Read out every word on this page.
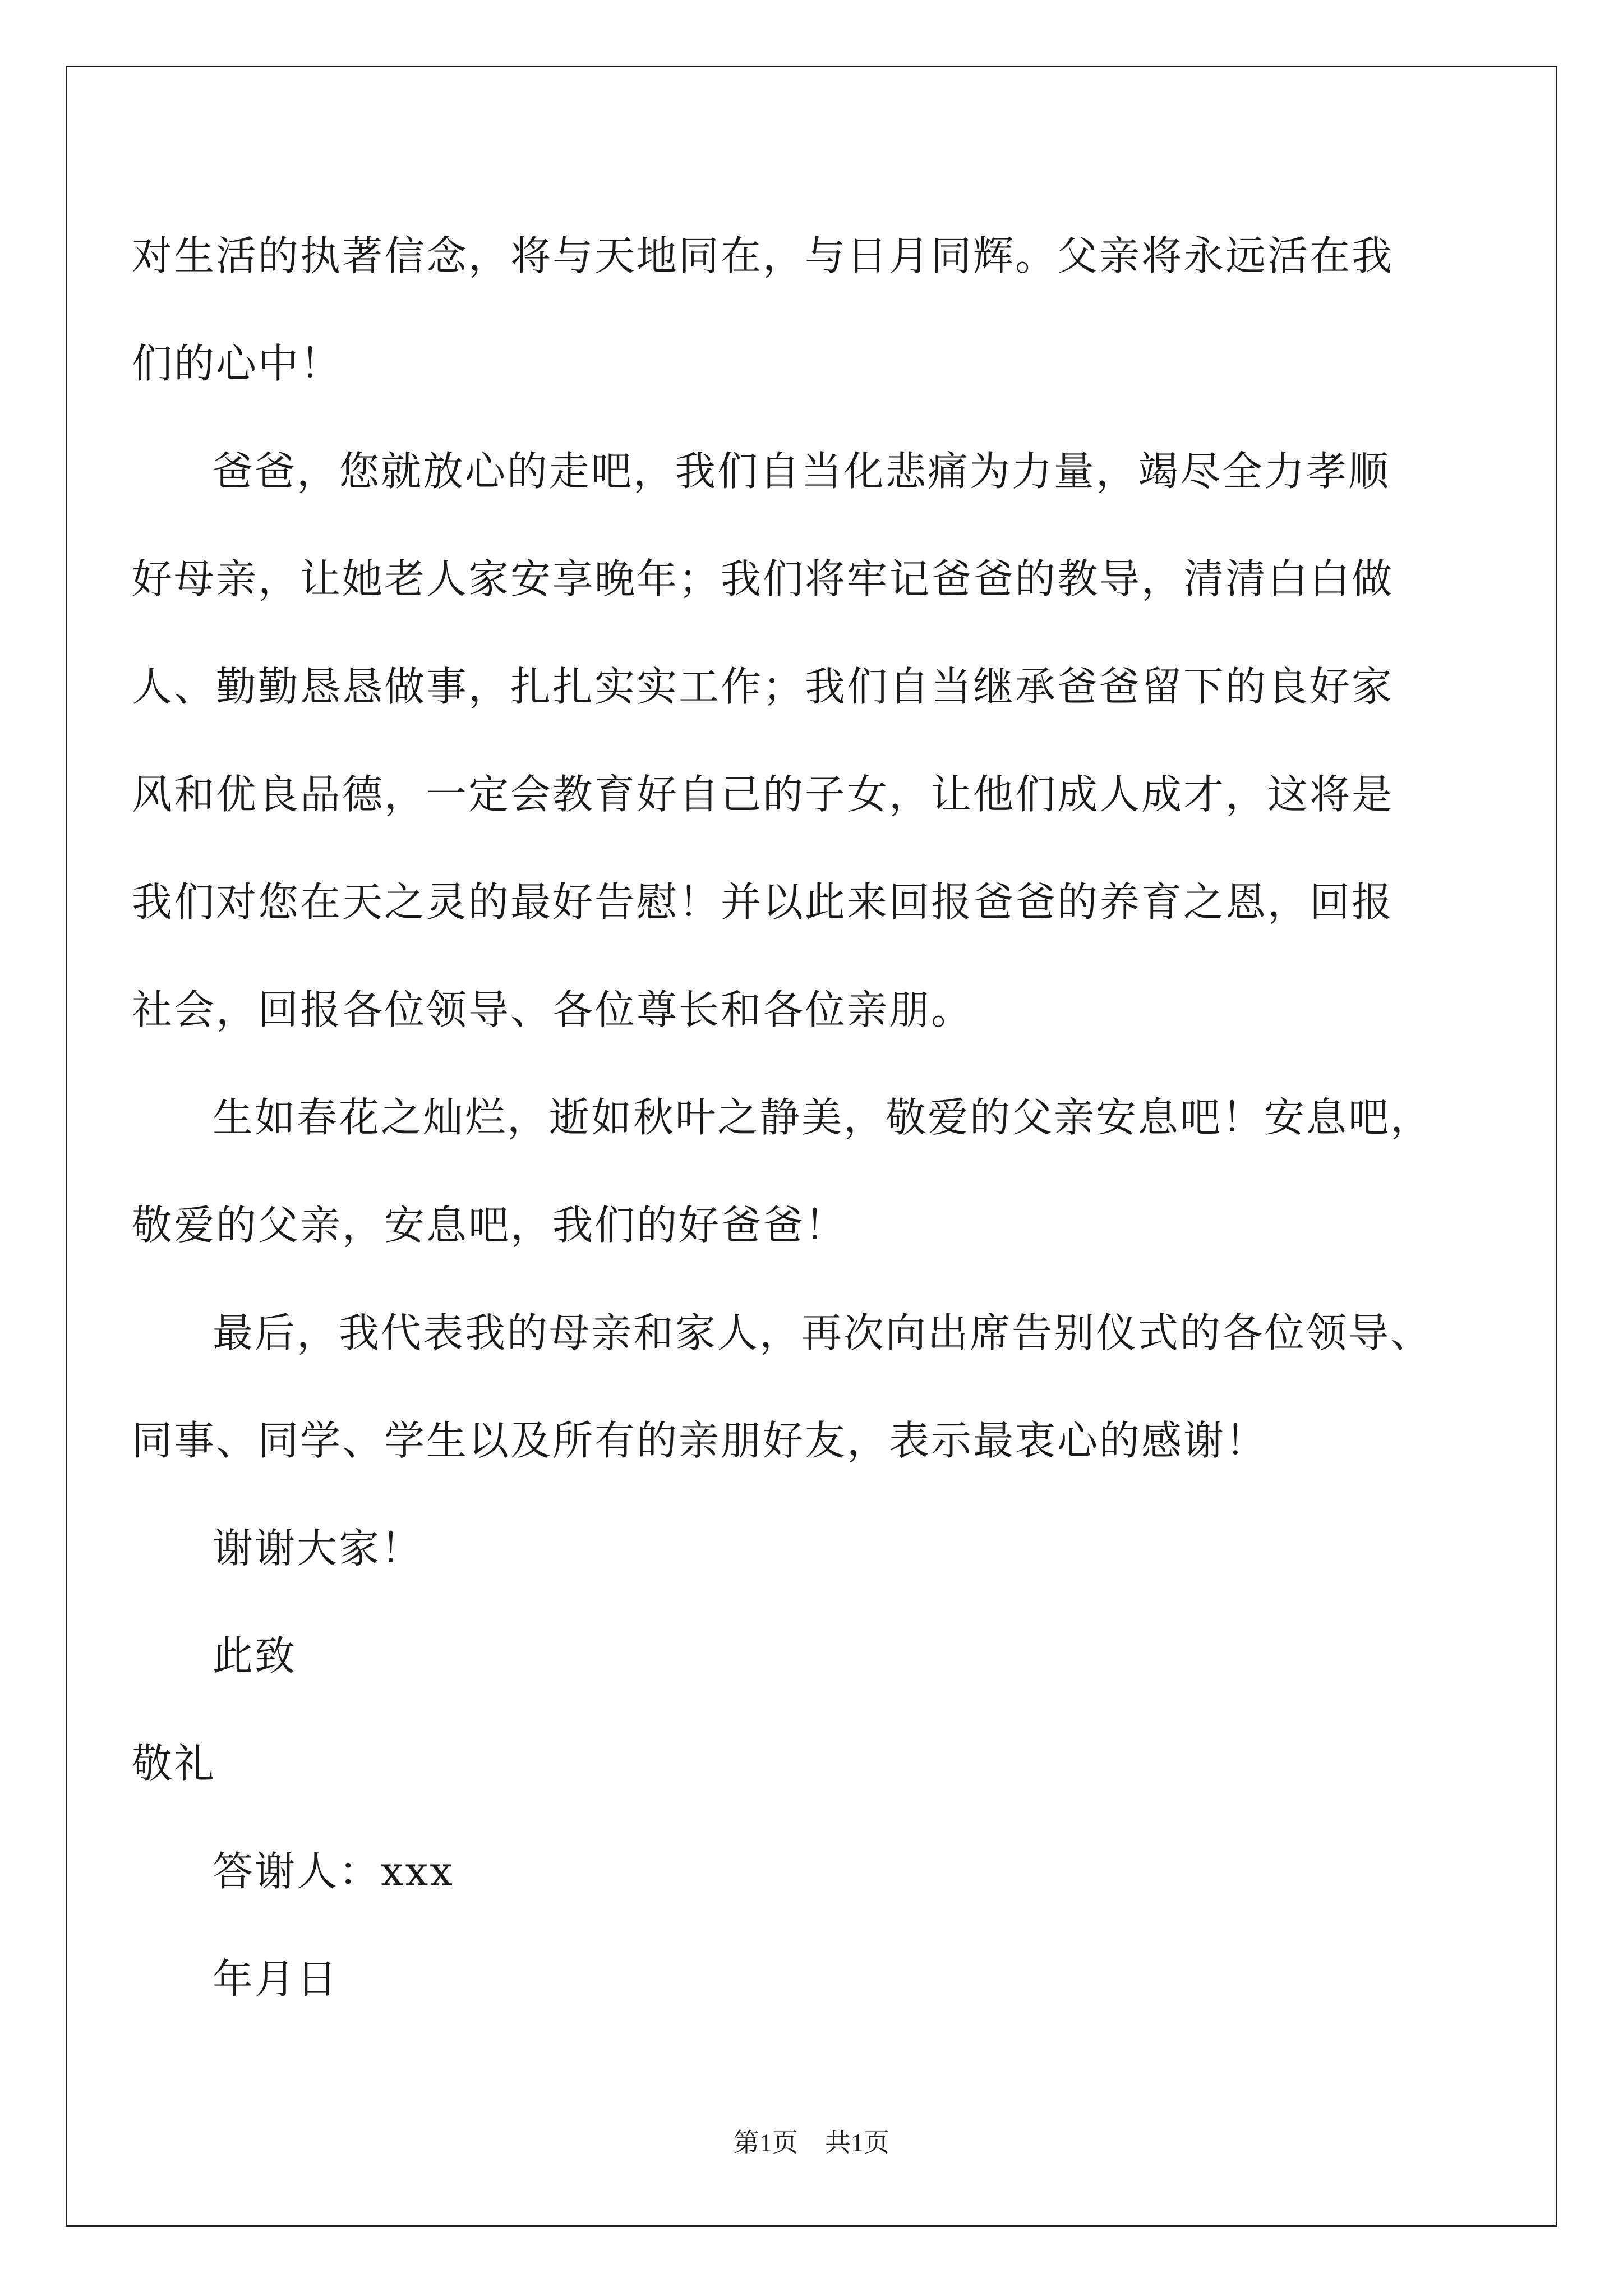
对生活的执著信念，将与天地同在，与日月同辉。父亲将永远活在我
们的心中！
爸爸，您就放心的走吧，我们自当化悲痛为力量，竭尽全力孝顺
好母亲，让她老人家安享晚年；我们将牢记爸爸的教导，清清白白做
人、勤勤恳恳做事，扎扎实实工作；我们自当继承爸爸留下的良好家
风和优良品德，一定会教育好自己的子女，让他们成人成才，这将是
我们对您在天之灵的最好告慰！并以此来回报爸爸的养育之恩，回报
社会，回报各位领导、各位尊长和各位亲朋。
生如春花之灿烂，逝如秋叶之静美，敬爱的父亲安息吧！安息吧，
敬爱的父亲，安息吧，我们的好爸爸！
最后，我代表我的母亲和家人，再次向出席告别仪式的各位领导、
同事、同学、学生以及所有的亲朋好友，表示最衷心的感谢！
谢谢大家！
此致
敬礼
答谢人：xxx
年月日
第1页 共1页
